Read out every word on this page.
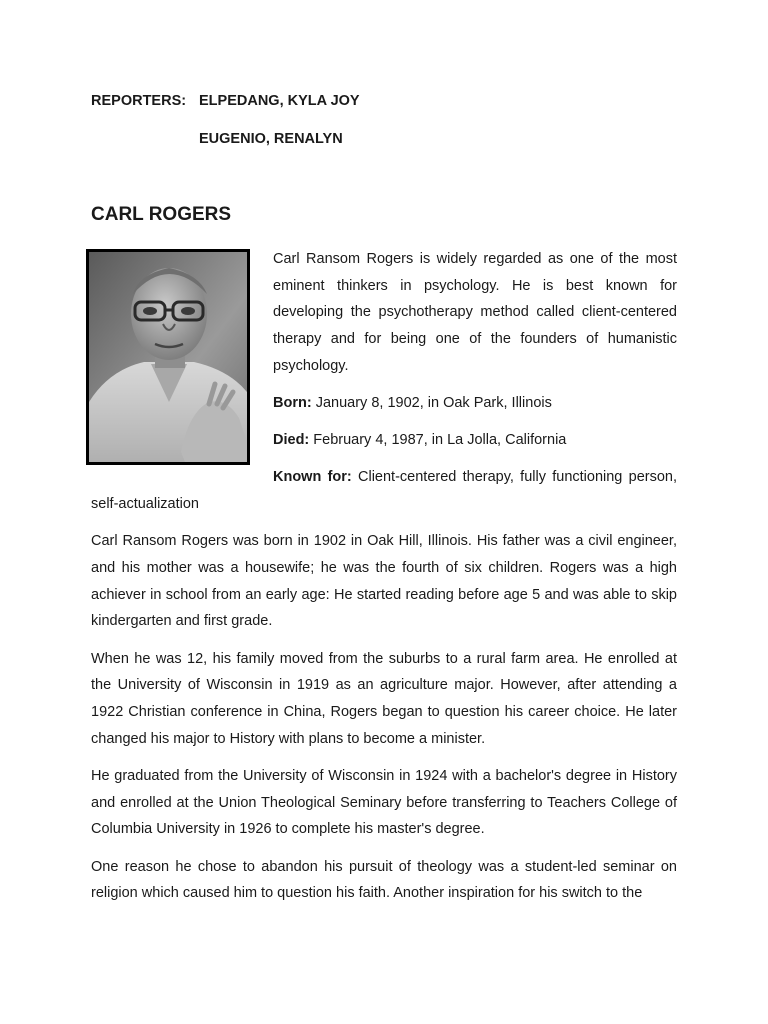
REPORTERS: ELPEDANG, KYLA JOY
EUGENIO, RENALYN
CARL ROGERS

Carl Ransom Rogers is widely regarded as one of the most eminent thinkers in psychology. He is best known for developing the psychotherapy method called client-centered therapy and for being one of the founders of humanistic psychology.

Born: January 8, 1902, in Oak Park, Illinois

Died: February 4, 1987, in La Jolla, California

Known for: Client-centered therapy, fully functioning person, self-actualization

Carl Ransom Rogers was born in 1902 in Oak Hill, Illinois. His father was a civil engineer, and his mother was a housewife; he was the fourth of six children. Rogers was a high achiever in school from an early age: He started reading before age 5 and was able to skip kindergarten and first grade.

When he was 12, his family moved from the suburbs to a rural farm area. He enrolled at the University of Wisconsin in 1919 as an agriculture major. However, after attending a 1922 Christian conference in China, Rogers began to question his career choice. He later changed his major to History with plans to become a minister.

He graduated from the University of Wisconsin in 1924 with a bachelor's degree in History and enrolled at the Union Theological Seminary before transferring to Teachers College of Columbia University in 1926 to complete his master's degree.

One reason he chose to abandon his pursuit of theology was a student-led seminar on religion which caused him to question his faith. Another inspiration for his switch to the
